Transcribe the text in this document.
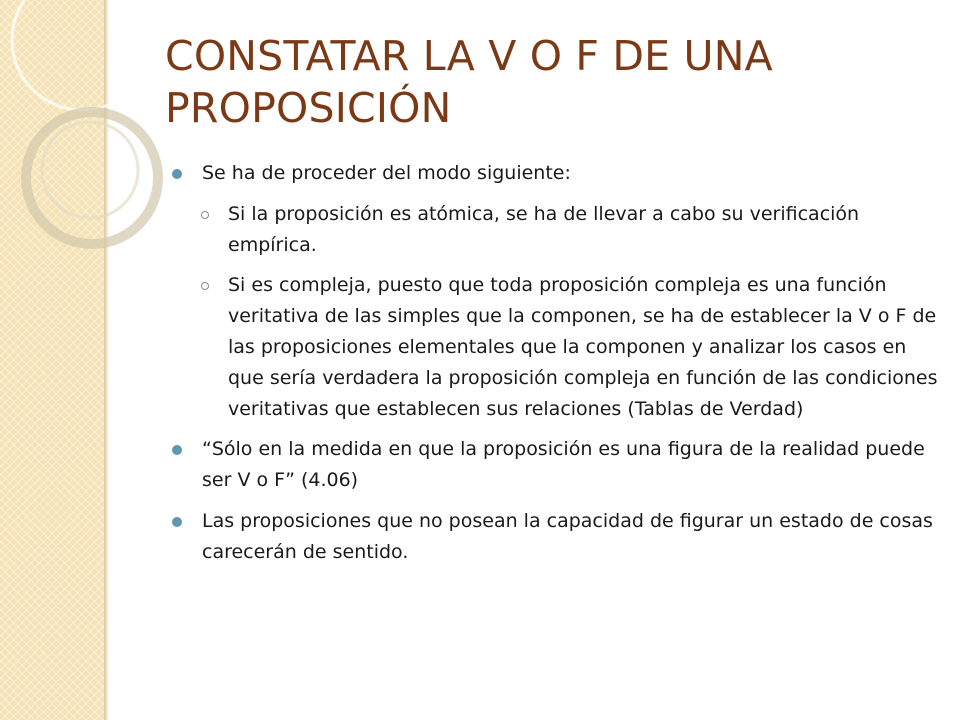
CONSTATAR LA V O F DE UNA PROPOSICIÓN
Se ha de proceder del modo siguiente:
Si la proposición es atómica, se ha de llevar a cabo su verificación empírica.
Si es compleja, puesto que toda proposición compleja es una función veritativa de las simples que la componen, se ha de establecer la V o F de las proposiciones elementales que la componen y analizar los casos en que sería verdadera la proposición compleja en función de las condiciones veritativas que establecen sus relaciones (Tablas de Verdad)
“Sólo en la medida en que la proposición es una figura de la realidad puede ser V o F” (4.06)
Las proposiciones que no posean la capacidad de figurar un estado de cosas carecerán de sentido.
